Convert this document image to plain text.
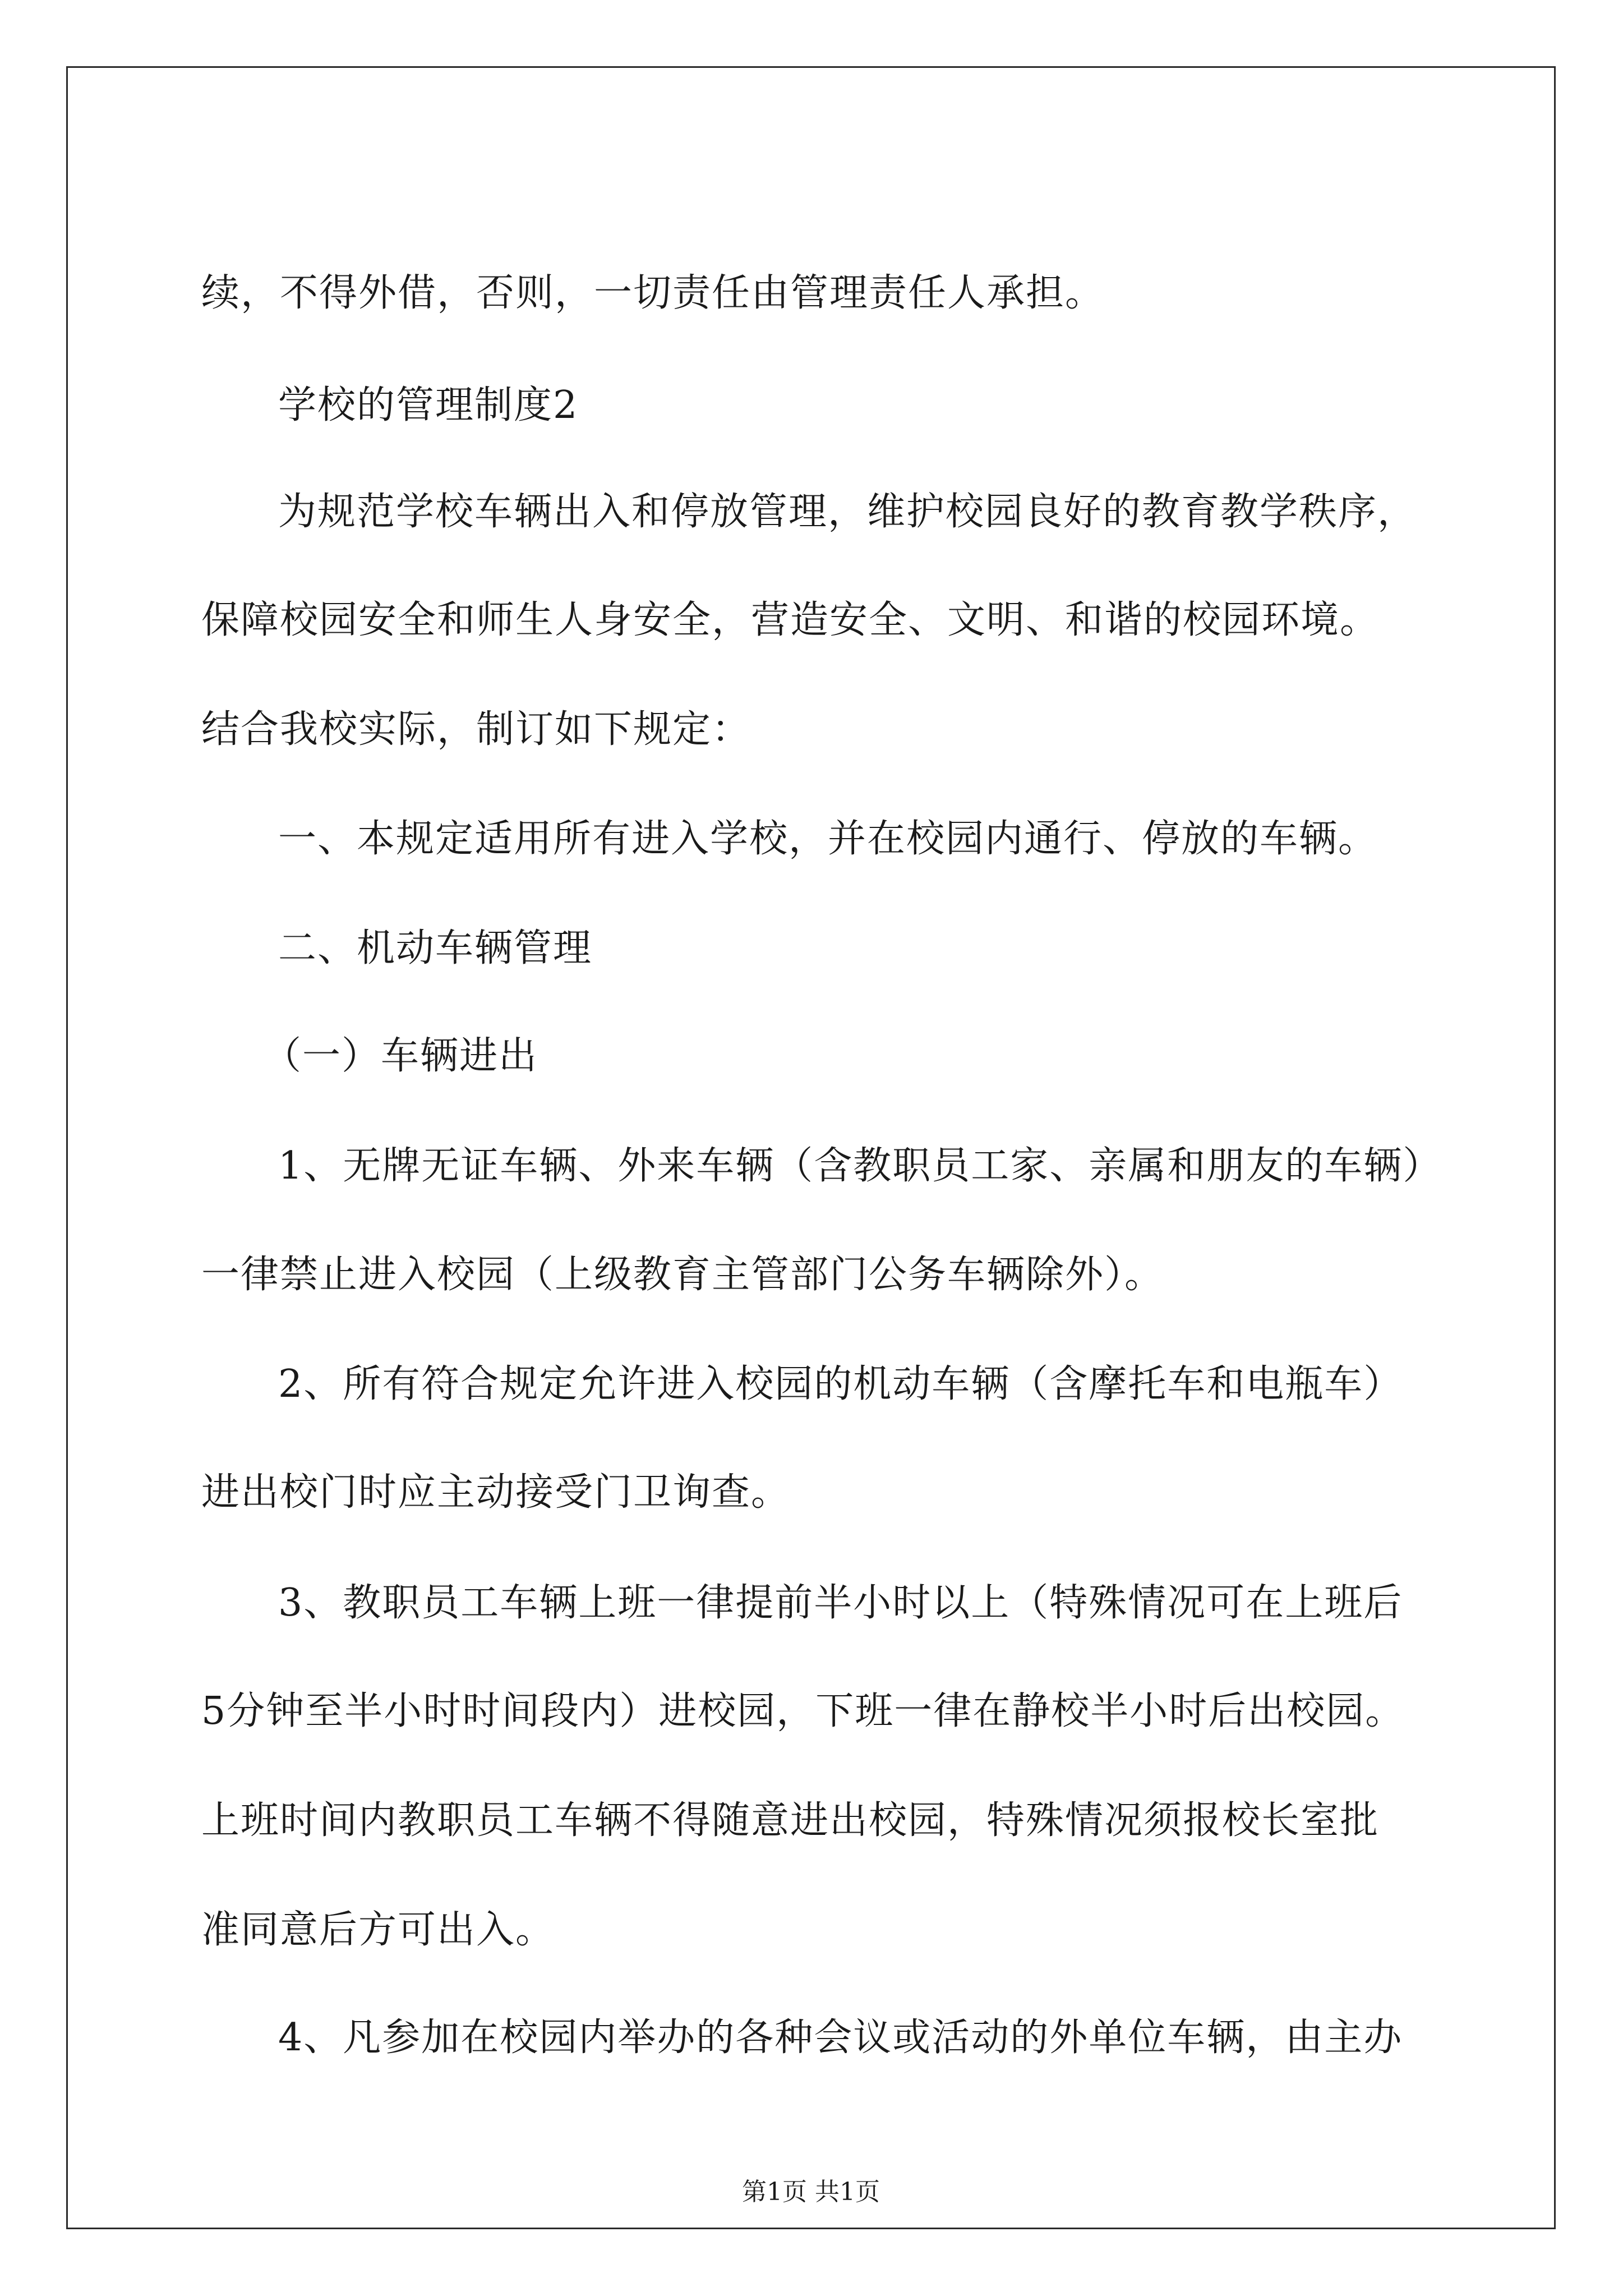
续，不得外借，否则，一切责任由管理责任人承担。
学校的管理制度2
为规范学校车辆出入和停放管理，维护校园良好的教育教学秩序，
保障校园安全和师生人身安全，营造安全、文明、和谐的校园环境。
结合我校实际，制订如下规定：
一、本规定适用所有进入学校，并在校园内通行、停放的车辆。
二、机动车辆管理
（一）车辆进出
1、无牌无证车辆、外来车辆（含教职员工家、亲属和朋友的车辆）
一律禁止进入校园（上级教育主管部门公务车辆除外）。
2、所有符合规定允许进入校园的机动车辆（含摩托车和电瓶车）
进出校门时应主动接受门卫询查。
3、教职员工车辆上班一律提前半小时以上（特殊情况可在上班后
5分钟至半小时时间段内）进校园，下班一律在静校半小时后出校园。
上班时间内教职员工车辆不得随意进出校园，特殊情况须报校长室批
准同意后方可出入。
4、凡参加在校园内举办的各种会议或活动的外单位车辆，由主办
第1页 共1页
